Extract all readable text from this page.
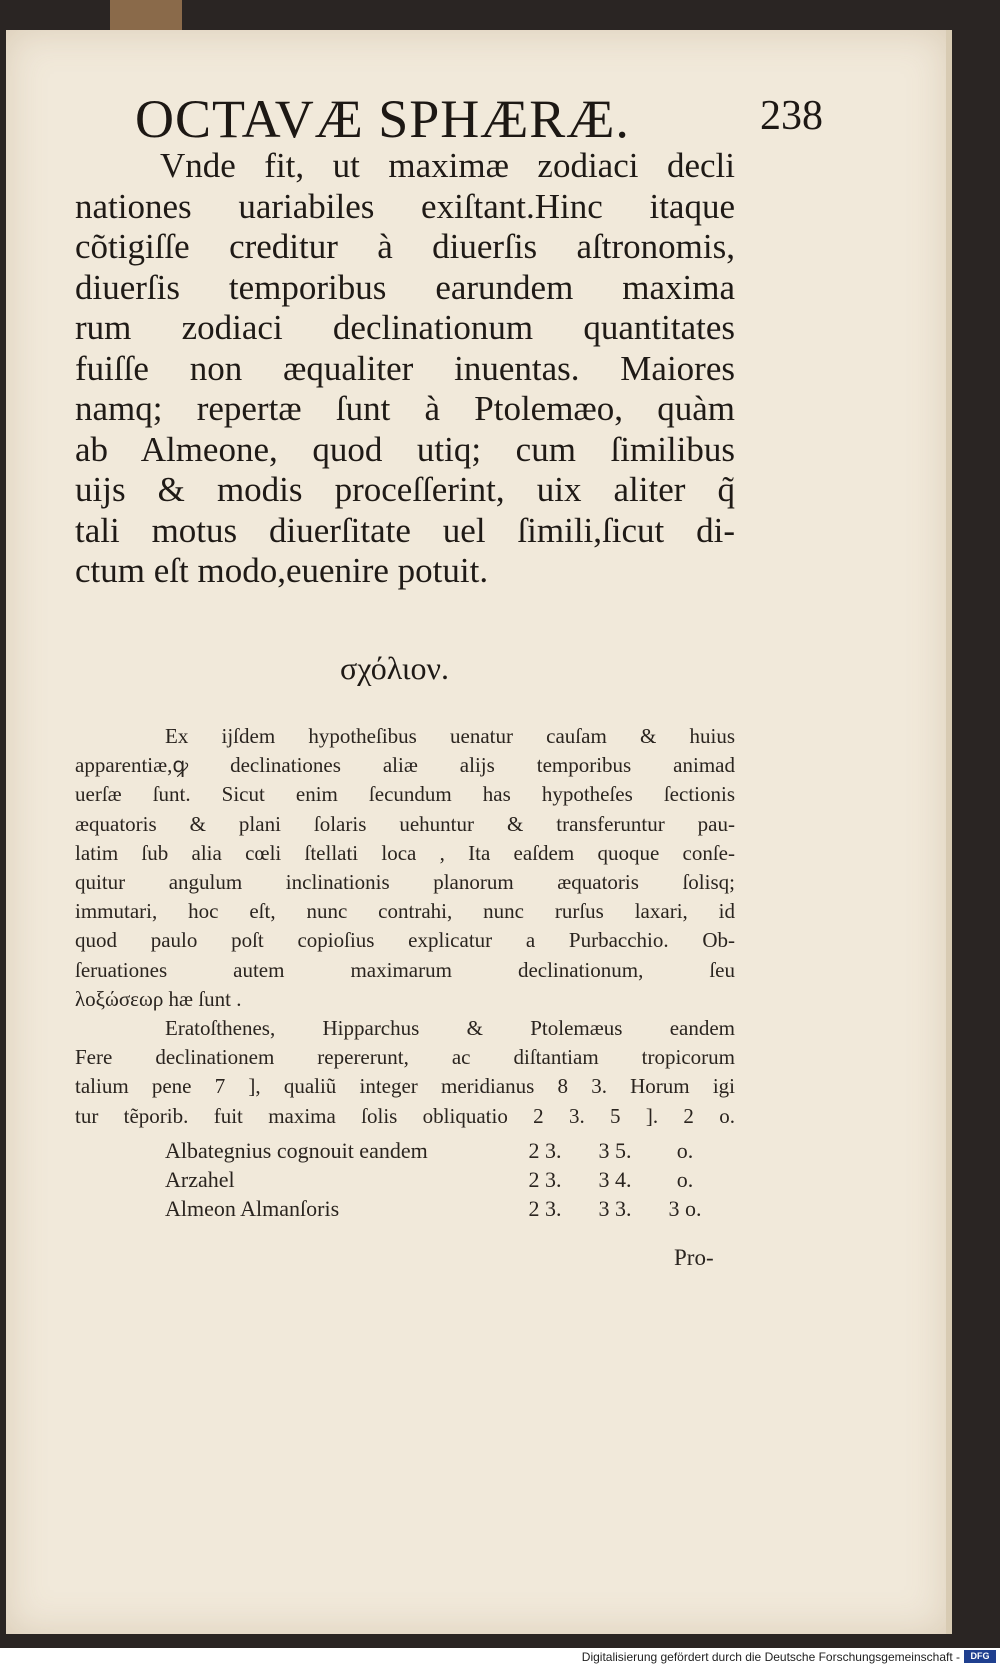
OCTAVÆ SPHÆRÆ.	238
Vnde fit, ut maximæ zodiaci decli
nationes uariabiles exiſtant.Hinc itaque
cõtigiſſe creditur à diuerſis aſtronomis,
diuerſis temporibus earundem maxima
rum zodiaci declinationum quantitates
fuiſſe non æqualiter inuentas. Maiores
namq; repertæ ſunt à Ptolemæo, quàm
ab Almeone, quod utiq; cum ſimilibus
uijs & modis proceſſerint, uix aliter q̃
tali motus diuerſitate uel ſimili,ſicut di-
ctum eſt modo,euenire potuit.
σχόλιον.
Ex ijſdem hypotheſibus uenatur cauſam & huius
apparentiæ,ꝙ declinationes aliæ alijs temporibus animad
uerſæ ſunt. Sicut enim ſecundum has hypotheſes ſectionis
æquatoris & plani ſolaris uehuntur & transferuntur pau-
latim ſub alia cœli ſtellati loca , Ita eaſdem quoque conſe-
quitur angulum inclinationis planorum æquatoris ſolisq;
immutari, hoc eſt, nunc contrahi, nunc rurſus laxari, id
quod paulo poſt copioſius explicatur a Purbacchio. Ob-
ſeruationes autem maximarum declinationum, ſeu
λοξώσεωρ hæ ſunt .
Eratoſthenes, Hipparchus & Ptolemæus eandem
Fere declinationem repererunt, ac diſtantiam tropicorum
talium pene 7 ], qualiũ integer meridianus 8 3. Horum igi
tur tẽporib. fuit maxima ſolis obliquatio 2 3. 5 ]. 2 o.
Albategnius cognouit eandem	2 3.	3 5.	o.
Arzahel	2 3.	3 4.	o.
Almeon Almanſoris	2 3.	3 3.	3 o.
Pro-
Digitalisierung gefördert durch die Deutsche Forschungsgemeinschaft -	DFG
